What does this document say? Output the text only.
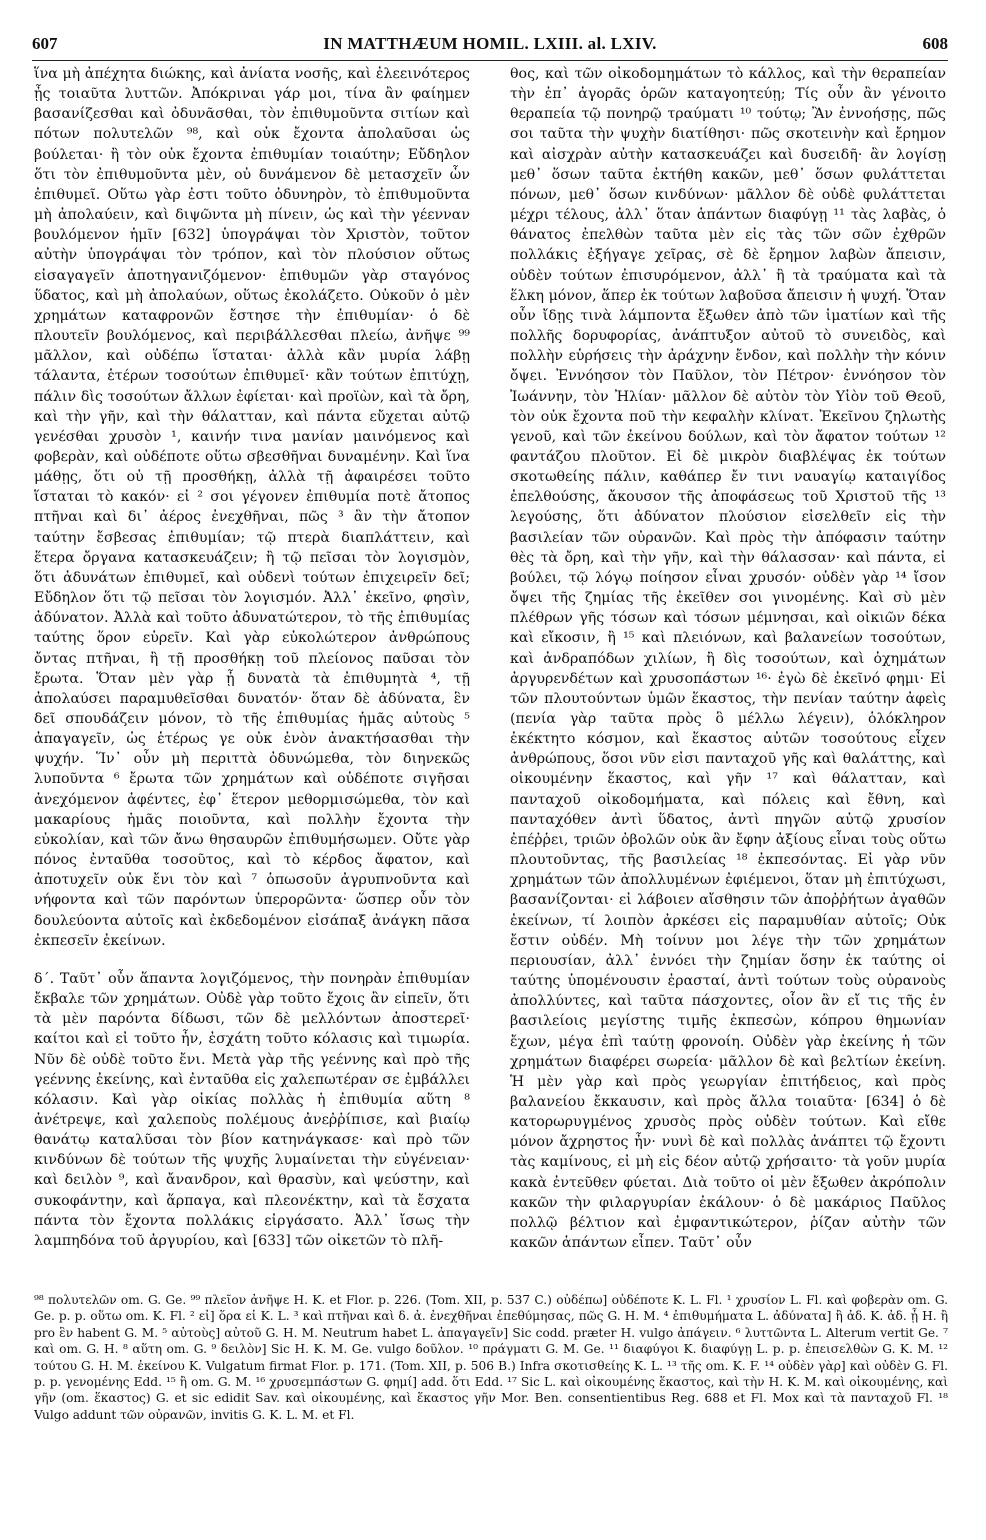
607	IN MATTHÆUM HOMIL. LXIII. al. LXIV.	608

ἵνα μὴ ἀπέχητα διώκης, καὶ ἀνίατα νοσῆς, καὶ ἐλεεινότερος ᾖς τοιαῦτα λυττῶν. Ἀπόκριναι γάρ μοι, τίνα ἂν φαίημεν βασανίζεσθαι καὶ ὀδυνᾶσθαι, τὸν ἐπιθυμοῦντα σιτίων καὶ πότων πολυτελῶν ⁹⁸, καὶ οὐκ ἔχοντα ἀπολαῦσαι ὡς βούλεται· ἢ τὸν οὐκ ἔχοντα ἐπιθυμίαν τοιαύτην; Εὔδηλον ὅτι τὸν ἐπιθυμοῦντα μὲν, οὐ δυνάμενον δὲ μετασχεῖν ὧν ἐπιθυμεῖ. Οὕτω γὰρ ἐστι τοῦτο ὀδυνηρὸν, τὸ ἐπιθυμοῦντα μὴ ἀπολαύειν, καὶ διψῶντα μὴ πίνειν, ὡς καὶ τὴν γέενναν βουλόμενον ἡμῖν [632] ὑπογράψαι τὸν Χριστὸν, τοῦτον αὐτὴν ὑπογράψαι τὸν τρόπον, καὶ τὸν πλούσιον οὕτως εἰσαγαγεῖν ἀποτηγανιζόμενον· ἐπιθυμῶν γὰρ σταγόνος ὕδατος, καὶ μὴ ἀπολαύων, οὕτως ἐκολάζετο. Οὐκοῦν ὁ μὲν χρημάτων καταφρονῶν ἔστησε τὴν ἐπιθυμίαν· ὁ δὲ πλουτεῖν βουλόμενος, καὶ περιβάλλεσθαι πλείω, ἀνῆψε ⁹⁹ μᾶλλον, καὶ οὐδέπω ἵσταται· ἀλλὰ κἂν μυρία λάβῃ τάλαντα, ἑτέρων τοσούτων ἐπιθυμεῖ· κἂν τούτων ἐπιτύχῃ, πάλιν δὶς τοσούτων ἄλλων ἐφίεται· καὶ προϊὼν, καὶ τὰ ὄρη, καὶ τὴν γῆν, καὶ τὴν θάλατταν, καὶ πάντα εὔχεται αὐτῷ γενέσθαι χρυσὸν ¹, καινήν τινα μανίαν μαινόμενος καὶ φοβερὰν, καὶ οὐδέποτε οὕτω σβεσθῆναι δυναμένην. Καὶ ἵνα μάθῃς, ὅτι οὐ τῇ προσθήκῃ, ἀλλὰ τῇ ἀφαιρέσει τοῦτο ἵσταται τὸ κακόν· εἰ ² σοι γέγονεν ἐπιθυμία ποτὲ ἄτοπος πτῆναι καὶ δι᾽ ἀέρος ἐνεχθῆναι, πῶς ³ ἂν τὴν ἄτοπον ταύτην ἔσβεσας ἐπιθυμίαν; τῷ πτερὰ διαπλάττειν, καὶ ἕτερα ὄργανα κατασκευάζειν; ἢ τῷ πεῖσαι τὸν λογισμὸν, ὅτι ἀδυνάτων ἐπιθυμεῖ, καὶ οὐδενὶ τούτων ἐπιχειρεῖν δεῖ; Εὔδηλον ὅτι τῷ πεῖσαι τὸν λογισμόν. Ἀλλ᾽ ἐκεῖνο, φησὶν, ἀδύνατον. Ἀλλὰ καὶ τοῦτο ἀδυνατώτερον, τὸ τῆς ἐπιθυμίας ταύτης ὅρον εὑρεῖν. Καὶ γὰρ εὐκολώτερον ἀνθρώπους ὄντας πτῆναι, ἢ τῇ προσθήκῃ τοῦ πλείονος παῦσαι τὸν ἔρωτα. Ὅταν μὲν γὰρ ᾖ δυνατὰ τὰ ἐπιθυμητὰ ⁴, τῇ ἀπολαύσει παραμυθεῖσθαι δυνατόν· ὅταν δὲ ἀδύνατα, ἓν δεῖ σπουδάζειν μόνον, τὸ τῆς ἐπιθυμίας ἡμᾶς αὐτοὺς ⁵ ἀπαγαγεῖν, ὡς ἑτέρως γε οὐκ ἐνὸν ἀνακτήσασθαι τὴν ψυχήν. Ἵν᾽ οὖν μὴ περιττὰ ὀδυνώμεθα, τὸν διηνεκῶς λυποῦντα ⁶ ἔρωτα τῶν χρημάτων καὶ οὐδέποτε σιγῆσαι ἀνεχόμενον ἀφέντες, ἐφ᾽ ἕτερον μεθορμισώμεθα, τὸν καὶ μακαρίους ἡμᾶς ποιοῦντα, καὶ πολλὴν ἔχοντα τὴν εὐκολίαν, καὶ τῶν ἄνω θησαυρῶν ἐπιθυμήσωμεν. Οὔτε γὰρ πόνος ἐνταῦθα τοσοῦτος, καὶ τὸ κέρδος ἄφατον, καὶ ἀποτυχεῖν οὐκ ἔνι τὸν καὶ ⁷ ὁπωσοῦν ἀγρυπνοῦντα καὶ νήφοντα καὶ τῶν παρόντων ὑπερορῶντα· ὥσπερ οὖν τὸν δουλεύοντα αὐτοῖς καὶ ἐκδεδομένον εἰσάπαξ ἀνάγκη πᾶσα ἐκπεσεῖν ἐκείνων.

δ΄. Ταῦτ᾽ οὖν ἅπαντα λογιζόμενος, τὴν πονηρὰν ἐπιθυμίαν ἔκβαλε τῶν χρημάτων. Οὐδὲ γὰρ τοῦτο ἔχοις ἂν εἰπεῖν, ὅτι τὰ μὲν παρόντα δίδωσι, τῶν δὲ μελλόντων ἀποστερεῖ· καίτοι καὶ εἰ τοῦτο ἦν, ἐσχάτη τοῦτο κόλασις καὶ τιμωρία. Νῦν δὲ οὐδὲ τοῦτο ἔνι. Μετὰ γὰρ τῆς γεέννης καὶ πρὸ τῆς γεέννης ἐκείνης, καὶ ἐνταῦθα εἰς χαλεπωτέραν σε ἐμβάλλει κόλασιν. Καὶ γὰρ οἰκίας πολλὰς ἡ ἐπιθυμία αὕτη ⁸ ἀνέτρεψε, καὶ χαλεποὺς πολέμους ἀνεῤῥίπισε, καὶ βιαίῳ θανάτῳ καταλῦσαι τὸν βίον κατηνάγκασε· καὶ πρὸ τῶν κινδύνων δὲ τούτων τῆς ψυχῆς λυμαίνεται τὴν εὐγένειαν· καὶ δειλὸν ⁹, καὶ ἄνανδρον, καὶ θρασὺν, καὶ ψεύστην, καὶ συκοφάντην, καὶ ἅρπαγα, καὶ πλεονέκτην, καὶ τὰ ἔσχατα πάντα τὸν ἔχοντα πολλάκις εἰργάσατο. Ἀλλ᾽ ἴσως τὴν λαμπηδόνα τοῦ ἀργυρίου, καὶ [633] τῶν οἰκετῶν τὸ πλῆ-

θος, καὶ τῶν οἰκοδομημάτων τὸ κάλλος, καὶ τὴν θεραπείαν τὴν ἐπ᾽ ἀγορᾶς ὁρῶν καταγοητεύῃ; Τίς οὖν ἂν γένοιτο θεραπεία τῷ πονηρῷ τραύματι ¹⁰ τούτῳ; Ἂν ἐννοήσῃς, πῶς σοι ταῦτα τὴν ψυχὴν διατίθησι· πῶς σκοτεινὴν καὶ ἔρημον καὶ αἰσχρὰν αὐτὴν κατασκευάζει καὶ δυσειδῆ· ἂν λογίσῃ μεθ᾽ ὅσων ταῦτα ἐκτήθη κακῶν, μεθ᾽ ὅσων φυλάττεται πόνων, μεθ᾽ ὅσων κινδύνων· μᾶλλον δὲ οὐδὲ φυλάττεται μέχρι τέλους, ἀλλ᾽ ὅταν ἁπάντων διαφύγῃ ¹¹ τὰς λαβὰς, ὁ θάνατος ἐπελθὼν ταῦτα μὲν εἰς τὰς τῶν σῶν ἐχθρῶν πολλάκις ἐξήγαγε χεῖρας, σὲ δὲ ἔρημον λαβὼν ἄπεισιν, οὐδὲν τούτων ἐπισυρόμενον, ἀλλ᾽ ἢ τὰ τραύματα καὶ τὰ ἕλκη μόνον, ἅπερ ἐκ τούτων λαβοῦσα ἄπεισιν ἡ ψυχή. Ὅταν οὖν ἴδῃς τινὰ λάμποντα ἔξωθεν ἀπὸ τῶν ἱματίων καὶ τῆς πολλῆς δορυφορίας, ἀνάπτυξον αὐτοῦ τὸ συνειδὸς, καὶ πολλὴν εὑρήσεις τὴν ἀράχνην ἔνδον, καὶ πολλὴν τὴν κόνιν ὄψει. Ἐννόησον τὸν Παῦλον, τὸν Πέτρον· ἐννόησον τὸν Ἰωάννην, τὸν Ἠλίαν· μᾶλλον δὲ αὐτὸν τὸν Υἱὸν τοῦ Θεοῦ, τὸν οὐκ ἔχοντα ποῦ τὴν κεφαλὴν κλίνατ. Ἐκεῖνου ζηλωτὴς γενοῦ, καὶ τῶν ἐκείνου δούλων, καὶ τὸν ἄφατον τούτων ¹² φαντάζου πλοῦτον. Εἰ δὲ μικρὸν διαβλέψας ἐκ τούτων σκοτωθείης πάλιν, καθάπερ ἔν τινι ναυαγίῳ καταιγίδος ἐπελθούσης, ἄκουσον τῆς ἀποφάσεως τοῦ Χριστοῦ τῆς ¹³ λεγούσης, ὅτι ἀδύνατον πλούσιον εἰσελθεῖν εἰς τὴν βασιλείαν τῶν οὐρανῶν. Καὶ πρὸς τὴν ἀπόφασιν ταύτην θὲς τὰ ὄρη, καὶ τὴν γῆν, καὶ τὴν θάλασσαν· καὶ πάντα, εἰ βούλει, τῷ λόγῳ ποίησον εἶναι χρυσόν· οὐδὲν γὰρ ¹⁴ ἴσον ὄψει τῆς ζημίας τῆς ἐκεῖθεν σοι γινομένης. Καὶ σὺ μὲν πλέθρων γῆς τόσων καὶ τόσων μέμνησαι, καὶ οἰκιῶν δέκα καὶ εἴκοσιν, ἢ ¹⁵ καὶ πλειόνων, καὶ βαλανείων τοσούτων, καὶ ἀνδραπόδων χιλίων, ἢ δὶς τοσούτων, καὶ ὀχημάτων ἀργυρενδέτων καὶ χρυσοπάστων ¹⁶· ἐγὼ δὲ ἐκεῖνό φημι· Εἰ τῶν πλουτούντων ὑμῶν ἕκαστος, τὴν πενίαν ταύτην ἀφεὶς (πενία γὰρ ταῦτα πρὸς ὃ μέλλω λέγειν), ὁλόκληρον ἐκέκτητο κόσμον, καὶ ἕκαστος αὐτῶν τοσούτους εἶχεν ἀνθρώπους, ὅσοι νῦν εἰσι πανταχοῦ γῆς καὶ θαλάττης, καὶ οἰκουμένην ἕκαστος, καὶ γῆν ¹⁷ καὶ θάλατταν, καὶ πανταχοῦ οἰκοδομήματα, καὶ πόλεις καὶ ἔθνη, καὶ πανταχόθεν ἀντὶ ὕδατος, ἀντὶ πηγῶν αὐτῷ χρυσίον ἐπέῤῥει, τριῶν ὀβολῶν οὐκ ἂν ἔφην ἀξίους εἶναι τοὺς οὕτω πλουτοῦντας, τῆς βασιλείας ¹⁸ ἐκπεσόντας. Εἰ γὰρ νῦν χρημάτων τῶν ἀπολλυμένων ἐφιέμενοι, ὅταν μὴ ἐπιτύχωσι, βασανίζονται· εἰ λάβοιεν αἴσθησιν τῶν ἀποῤῥήτων ἀγαθῶν ἐκείνων, τί λοιπὸν ἀρκέσει εἰς παραμυθίαν αὐτοῖς; Οὐκ ἔστιν οὐδέν. Μὴ τοίνυν μοι λέγε τὴν τῶν χρημάτων περιουσίαν, ἀλλ᾽ ἐννόει τὴν ζημίαν ὅσην ἐκ ταύτης οἱ ταύτης ὑπομένουσιν ἐρασταί, ἀντὶ τούτων τοὺς οὐρανοὺς ἀπολλύντες, καὶ ταῦτα πάσχοντες, οἷον ἂν εἴ τις τῆς ἐν βασιλείοις μεγίστης τιμῆς ἐκπεσὼν, κόπρου θημωνίαν ἔχων, μέγα ἐπὶ ταύτῃ φρονοίη. Οὐδὲν γὰρ ἐκείνης ἡ τῶν χρημάτων διαφέρει σωρεία· μᾶλλον δὲ καὶ βελτίων ἐκείνη. Ἡ μὲν γὰρ καὶ πρὸς γεωργίαν ἐπιτήδειος, καὶ πρὸς βαλανείου ἔκκαυσιν, καὶ πρὸς ἄλλα τοιαῦτα· [634] ὁ δὲ κατορωρυγμένος χρυσὸς πρὸς οὐδὲν τούτων. Καὶ εἴθε μόνον ἄχρηστος ἦν· νυνὶ δὲ καὶ πολλὰς ἀνάπτει τῷ ἔχοντι τὰς καμίνους, εἰ μὴ εἰς δέον αὐτῷ χρήσαιτο· τὰ γοῦν μυρία κακὰ ἐντεῦθεν φύεται. Διὰ τοῦτο οἱ μὲν ἔξωθεν ἀκρόπολιν κακῶν τὴν φιλαργυρίαν ἐκάλουν· ὁ δὲ μακάριος Παῦλος πολλῷ βέλτιον καὶ ἐμφαντικώτερον, ῥίζαν αὐτὴν τῶν κακῶν ἁπάντων εἶπεν. Ταῦτ᾽ οὖν

⁹⁸ πολυτελῶν om. G. Ge. ⁹⁹ πλεῖον ἀνῆψε H. K. et Flor. p. 226. (Tom. XII, p. 537 C.) οὐδέπω] οὐδέποτε K. L. Fl. ¹ χρυσίον L. Fl. καὶ φοβερὰν om. G. Ge. p. p. οὕτω om. K. Fl. ² εἰ] ὅρα εἰ K. L. ³ καὶ πτῆναι καὶ δ. ἀ. ἐνεχθῆναι ἐπεθύμησας, πῶς G. H. M. ⁴ ἐπιθυμήματα L. ἀδύνατα] ἢ ἀδ. K. ἀδ. ᾖ H. ἢ pro ἓν habent G. M. ⁵ αὐτοὺς] αὐτοῦ G. H. M. Neutrum habet L. ἀπαγαγεῖν] Sic codd. præter H. vulgo ἀπάγειν. ⁶ λυττῶντα L. Alterum vertit Ge. ⁷ καὶ om. G. H. ⁸ αὕτη om. G. ⁹ δειλὸν] Sic H. K. M. Ge. vulgo δοῦλον. ¹⁰ πράγματι G. M. Ge. ¹¹ διαφύγοι K. διαφύγῃ L. p. p. ἐπεισελθὼν G. K. M. ¹² τούτου G. H. M. ἐκείνου K. Vulgatum firmat Flor. p. 171. (Tom. XII, p. 506 B.) Infra σκοτισθείης K. L. ¹³ τῆς om. K. F. ¹⁴ οὐδὲν γὰρ] καὶ οὐδὲν G. Fl. p. p. γενομένης Edd. ¹⁵ ἢ om. G. M. ¹⁶ χρυσεμπάστων G. φημί] add. ὅτι Edd. ¹⁷ Sic L. καὶ οἰκουμένης ἕκαστος, καὶ τὴν H. K. M. καὶ οἰκουμένης, καὶ γῆν (om. ἕκαστος) G. et sic edidit Sav. καὶ οἰκουμένης, καὶ ἕκαστος γῆν Mor. Ben. consentientibus Reg. 688 et Fl. Mox καὶ τὰ πανταχοῦ Fl. ¹⁸ Vulgo addunt τῶν οὐρανῶν, invitis G. K. L. M. et Fl.
